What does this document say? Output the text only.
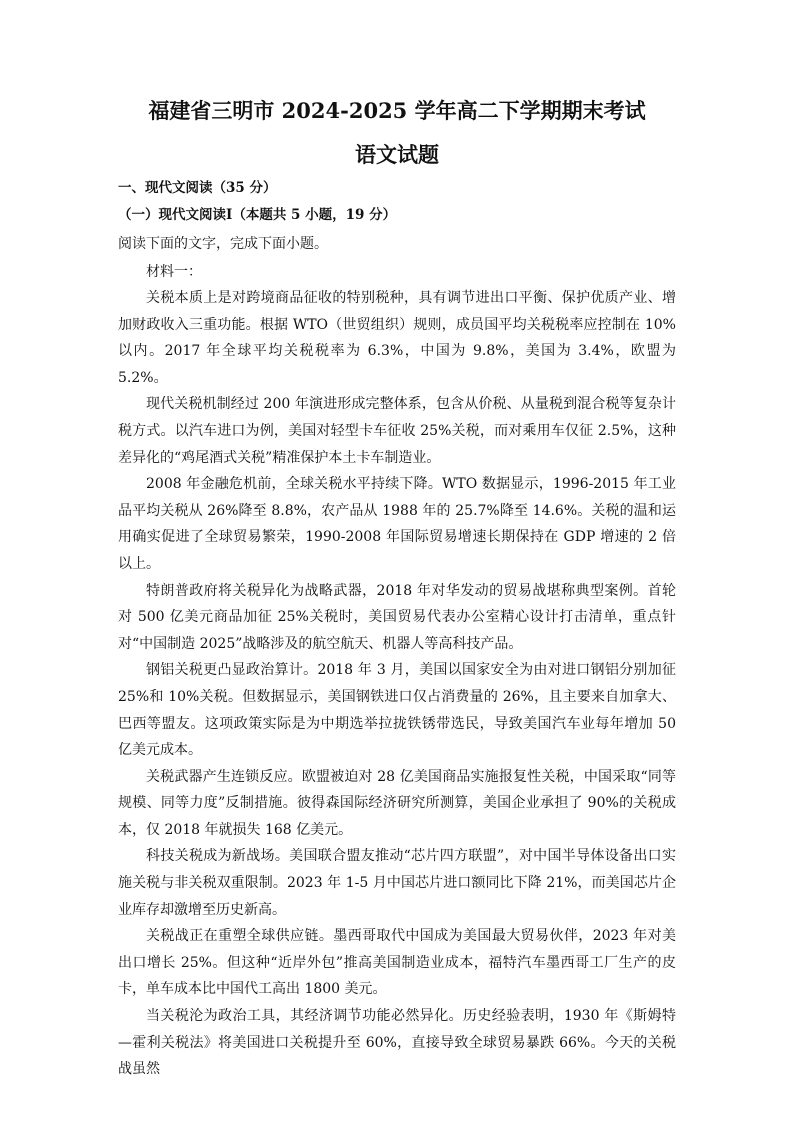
福建省三明市 2024-2025 学年高二下学期期末考试
语文试题
一、现代文阅读（35 分）
（一）现代文阅读Ⅰ（本题共 5 小题，19 分）
阅读下面的文字，完成下面小题。
材料一：

关税本质上是对跨境商品征收的特别税种，具有调节进出口平衡、保护优质产业、增加财政收入三重功能。根据 WTO（世贸组织）规则，成员国平均关税税率应控制在 10%以内。2017 年全球平均关税税率为 6.3%，中国为 9.8%，美国为 3.4%，欧盟为 5.2%。

现代关税机制经过 200 年演进形成完整体系，包含从价税、从量税到混合税等复杂计税方式。以汽车进口为例，美国对轻型卡车征收 25%关税，而对乘用车仅征 2.5%，这种差异化的“鸡尾酒式关税”精准保护本土卡车制造业。

2008 年金融危机前，全球关税水平持续下降。WTO 数据显示，1996-2015 年工业品平均关税从 26%降至 8.8%，农产品从 1988 年的 25.7%降至 14.6%。关税的温和运用确实促进了全球贸易繁荣，1990-2008 年国际贸易增速长期保持在 GDP 增速的 2 倍以上。

特朗普政府将关税异化为战略武器，2018 年对华发动的贸易战堪称典型案例。首轮对 500 亿美元商品加征 25%关税时，美国贸易代表办公室精心设计打击清单，重点针对“中国制造 2025”战略涉及的航空航天、机器人等高科技产品。

钢铝关税更凸显政治算计。2018 年 3 月，美国以国家安全为由对进口钢铝分别加征 25%和 10%关税。但数据显示，美国钢铁进口仅占消费量的 26%，且主要来自加拿大、巴西等盟友。这项政策实际是为中期选举拉拢铁锈带选民，导致美国汽车业每年增加 50 亿美元成本。

关税武器产生连锁反应。欧盟被迫对 28 亿美国商品实施报复性关税，中国采取“同等规模、同等力度”反制措施。彼得森国际经济研究所测算，美国企业承担了 90%的关税成本，仅 2018 年就损失 168 亿美元。

科技关税成为新战场。美国联合盟友推动“芯片四方联盟”，对中国半导体设备出口实施关税与非关税双重限制。2023 年 1-5 月中国芯片进口额同比下降 21%，而美国芯片企业库存却激增至历史新高。

关税战正在重塑全球供应链。墨西哥取代中国成为美国最大贸易伙伴，2023 年对美出口增长 25%。但这种“近岸外包”推高美国制造业成本，福特汽车墨西哥工厂生产的皮卡，单车成本比中国代工高出 1800 美元。

当关税沦为政治工具，其经济调节功能必然异化。历史经验表明，1930 年《斯姆特—霍利关税法》将美国进口关税提升至 60%，直接导致全球贸易暴跌 66%。今天的关税战虽然
